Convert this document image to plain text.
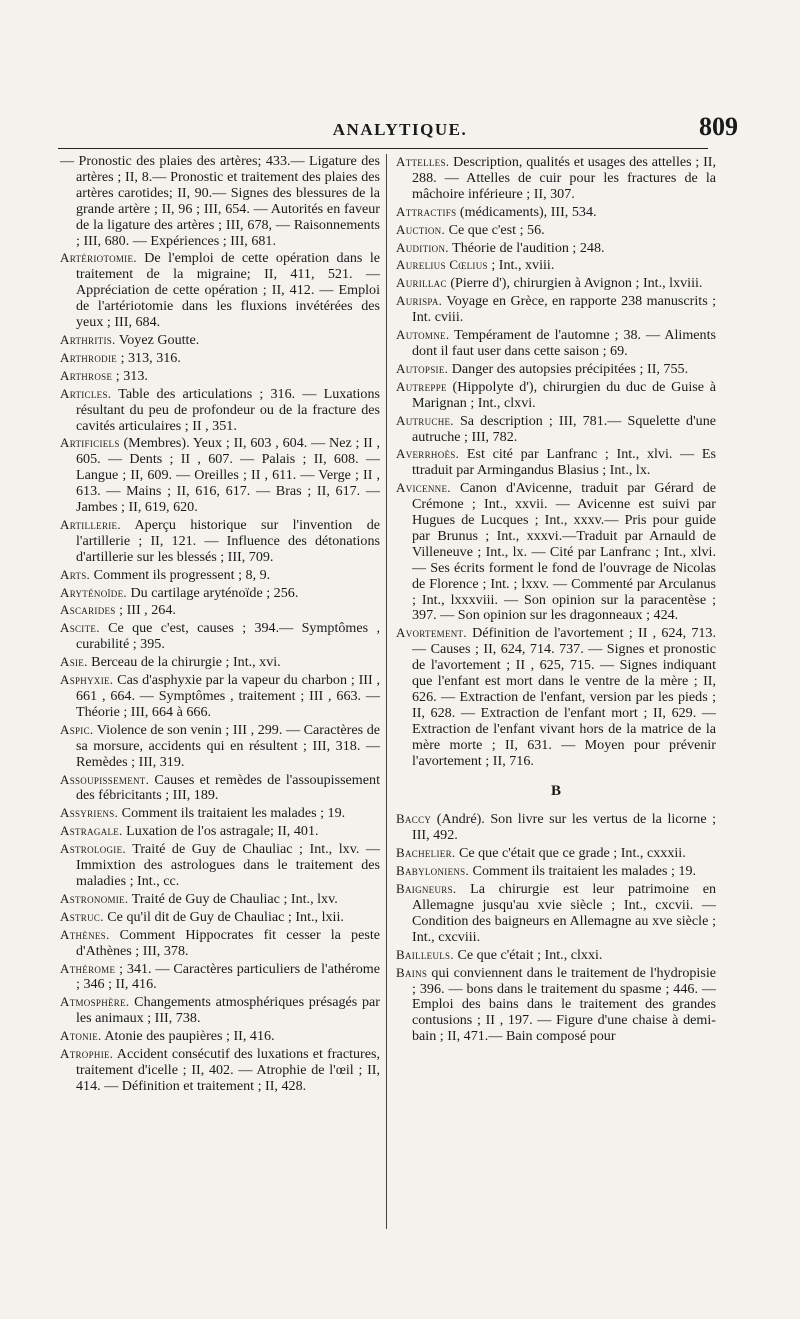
ANALYTIQUE.	809

— Pronostic des plaies des artères; 433.— Ligature des artères ; II, 8.— Pronostic et traitement des plaies des artères carotides; II, 90.— Signes des blessures de la grande artère ; II, 96 ; III, 654. — Autorités en faveur de la ligature des artères ; III, 678, — Raisonnements ; III, 680. — Expériences ; III, 681.

Artériotomie. De l'emploi de cette opération dans le traitement de la migraine; II, 411, 521. — Appréciation de cette opération ; II, 412. — Emploi de l'artériotomie dans les fluxions invétérées des yeux ; III, 684.

Arthritis. Voyez Goutte.

Arthrodie ; 313, 316.

Arthrose ; 313.

Articles. Table des articulations ; 316. — Luxations résultant du peu de profondeur ou de la fracture des cavités articulaires ; II , 351.

Artificiels (Membres). Yeux ; II, 603 , 604. — Nez ; II , 605. — Dents ; II , 607. — Palais ; II, 608. — Langue ; II, 609. — Oreilles ; II , 611. — Verge ; II , 613. — Mains ; II, 616, 617. — Bras ; II, 617. — Jambes ; II, 619, 620.

Artillerie. Aperçu historique sur l'invention de l'artillerie ; II, 121. — Influence des détonations d'artillerie sur les blessés ; III, 709.

Arts. Comment ils progressent ; 8, 9.

Aryténoïde. Du cartilage aryténoïde ; 256.

Ascarides ; III , 264.

Ascite. Ce que c'est, causes ; 394.— Symptômes , curabilité ; 395.

Asie. Berceau de la chirurgie ; Int., xvi.

Asphyxie. Cas d'asphyxie par la vapeur du charbon ; III , 661 , 664. — Symptômes , traitement ; III , 663. — Théorie ; III, 664 à 666.

Aspic. Violence de son venin ; III , 299. — Caractères de sa morsure, accidents qui en résultent ; III, 318. — Remèdes ; III, 319.

Assoupissement. Causes et remèdes de l'assoupissement des fébricitants ; III, 189.

Assyriens. Comment ils traitaient les malades ; 19.

Astragale. Luxation de l'os astragale; II, 401.

Astrologie. Traité de Guy de Chauliac ; Int., lxv. — Immixtion des astrologues dans le traitement des maladies ; Int., cc.

Astronomie. Traité de Guy de Chauliac ; Int., lxv.

Astruc. Ce qu'il dit de Guy de Chauliac ; Int., lxii.

Athènes. Comment Hippocrates fit cesser la peste d'Athènes ; III, 378.

Athérome ; 341. — Caractères particuliers de l'athérome ; 346 ; II, 416.

Atmosphère. Changements atmosphériques présagés par les animaux ; III, 738.

Atonie. Atonie des paupières ; II, 416.

Atrophie. Accident consécutif des luxations et fractures, traitement d'icelle ; II, 402. — Atrophie de l'œil ; II, 414. — Définition et traitement ; II, 428.

Attelles. Description, qualités et usages des attelles ; II, 288. — Attelles de cuir pour les fractures de la mâchoire inférieure ; II, 307.

Attractifs (médicaments), III, 534.

Auction. Ce que c'est ; 56.

Audition. Théorie de l'audition ; 248.

Aurelius Cœlius ; Int., xviii.

Aurillac (Pierre d'), chirurgien à Avignon ; Int., lxviii.

Aurispa. Voyage en Grèce, en rapporte 238 manuscrits ; Int. cviii.

Automne. Tempérament de l'automne ; 38. — Aliments dont il faut user dans cette saison ; 69.

Autopsie. Danger des autopsies précipitées ; II, 755.

Autreppe (Hippolyte d'), chirurgien du duc de Guise à Marignan ; Int., clxvi.

Autruche. Sa description ; III, 781.— Squelette d'une autruche ; III, 782.

Averrhoès. Est cité par Lanfranc ; Int., xlvi. — Es ttraduit par Armingandus Blasius ; Int., lx.

Avicenne. Canon d'Avicenne, traduit par Gérard de Crémone ; Int., xxvii. — Avicenne est suivi par Hugues de Lucques ; Int., xxxv.— Pris pour guide par Brunus ; Int., xxxvi.—Traduit par Arnauld de Villeneuve ; Int., lx. — Cité par Lanfranc ; Int., xlvi. — Ses écrits forment le fond de l'ouvrage de Nicolas de Florence ; Int. ; lxxv. — Commenté par Arculanus ; Int., lxxxviii. — Son opinion sur la paracentèse ; 397. — Son opinion sur les dragonneaux ; 424.

Avortement. Définition de l'avortement ; II , 624, 713. — Causes ; II, 624, 714. 737. — Signes et pronostic de l'avortement ; II , 625, 715. — Signes indiquant que l'enfant est mort dans le ventre de la mère ; II, 626. — Extraction de l'enfant, version par les pieds ; II, 628. — Extraction de l'enfant mort ; II, 629. — Extraction de l'enfant vivant hors de la matrice de la mère morte ; II, 631. — Moyen pour prévenir l'avortement ; II, 716.

B

Baccy (André). Son livre sur les vertus de la licorne ; III, 492.

Bachelier. Ce que c'était que ce grade ; Int., cxxxii.

Babyloniens. Comment ils traitaient les malades ; 19.

Baigneurs. La chirurgie est leur patrimoine en Allemagne jusqu'au xvie siècle ; Int., cxcvii. — Condition des baigneurs en Allemagne au xve siècle ; Int., cxcviii.

Bailleuls. Ce que c'était ; Int., clxxi.

Bains qui conviennent dans le traitement de l'hydropisie ; 396. — bons dans le traitement du spasme ; 446. — Emploi des bains dans le traitement des grandes contusions ; II , 197. — Figure d'une chaise à demi-bain ; II, 471.— Bain composé pour
